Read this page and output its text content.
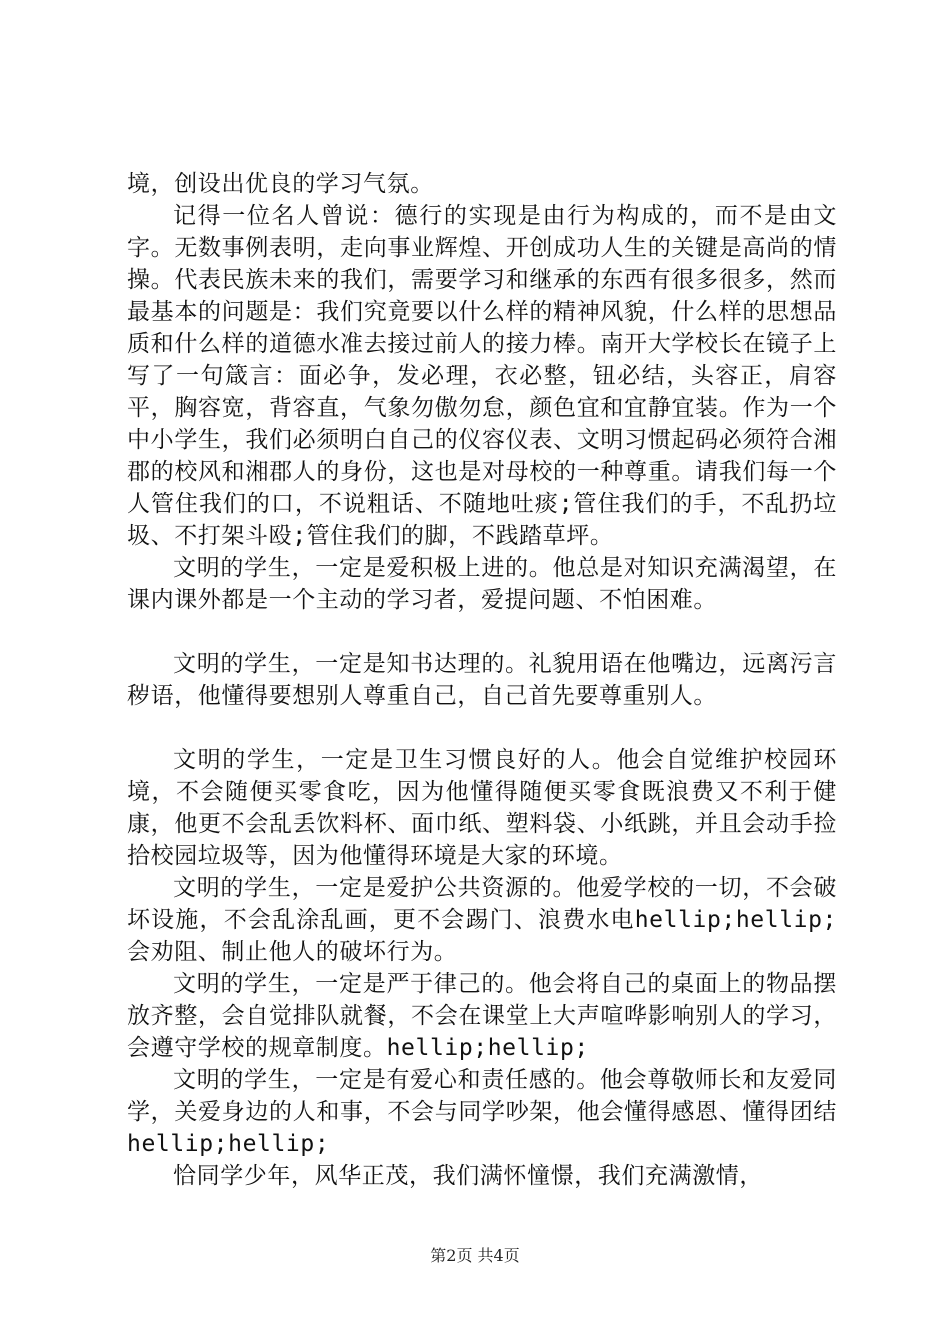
境，创设出优良的学习气氛。

记得一位名人曾说：德行的实现是由行为构成的，而不是由文字。无数事例表明，走向事业辉煌、开创成功人生的关键是高尚的情操。代表民族未来的我们，需要学习和继承的东西有很多很多，然而最基本的问题是：我们究竟要以什么样的精神风貌，什么样的思想品质和什么样的道德水准去接过前人的接力棒。南开大学校长在镜子上写了一句箴言：面必争，发必理，衣必整，钮必结，头容正，肩容平，胸容宽，背容直，气象勿傲勿怠，颜色宜和宜静宜装。作为一个中小学生，我们必须明白自己的仪容仪表、文明习惯起码必须符合湘郡的校风和湘郡人的身份，这也是对母校的一种尊重。请我们每一个人管住我们的口，不说粗话、不随地吐痰;管住我们的手，不乱扔垃圾、不打架斗殴;管住我们的脚，不践踏草坪。

文明的学生，一定是爱积极上进的。他总是对知识充满渴望，在课内课外都是一个主动的学习者，爱提问题、不怕困难。

文明的学生，一定是知书达理的。礼貌用语在他嘴边，远离污言秽语，他懂得要想别人尊重自己，自己首先要尊重别人。

文明的学生，一定是卫生习惯良好的人。他会自觉维护校园环境，不会随便买零食吃，因为他懂得随便买零食既浪费又不利于健康，他更不会乱丢饮料杯、面巾纸、塑料袋、小纸跳，并且会动手捡拾校园垃圾等，因为他懂得环境是大家的环境。

文明的学生，一定是爱护公共资源的。他爱学校的一切，不会破坏设施，不会乱涂乱画，更不会踢门、浪费水电hellip;hellip;会劝阻、制止他人的破坏行为。

文明的学生，一定是严于律己的。他会将自己的桌面上的物品摆放齐整，会自觉排队就餐，不会在课堂上大声喧哗影响别人的学习，会遵守学校的规章制度。hellip;hellip;

文明的学生，一定是有爱心和责任感的。他会尊敬师长和友爱同学，关爱身边的人和事，不会与同学吵架，他会懂得感恩、懂得团结hellip;hellip;

恰同学少年，风华正茂，我们满怀憧憬，我们充满激情，

第2页 共4页
